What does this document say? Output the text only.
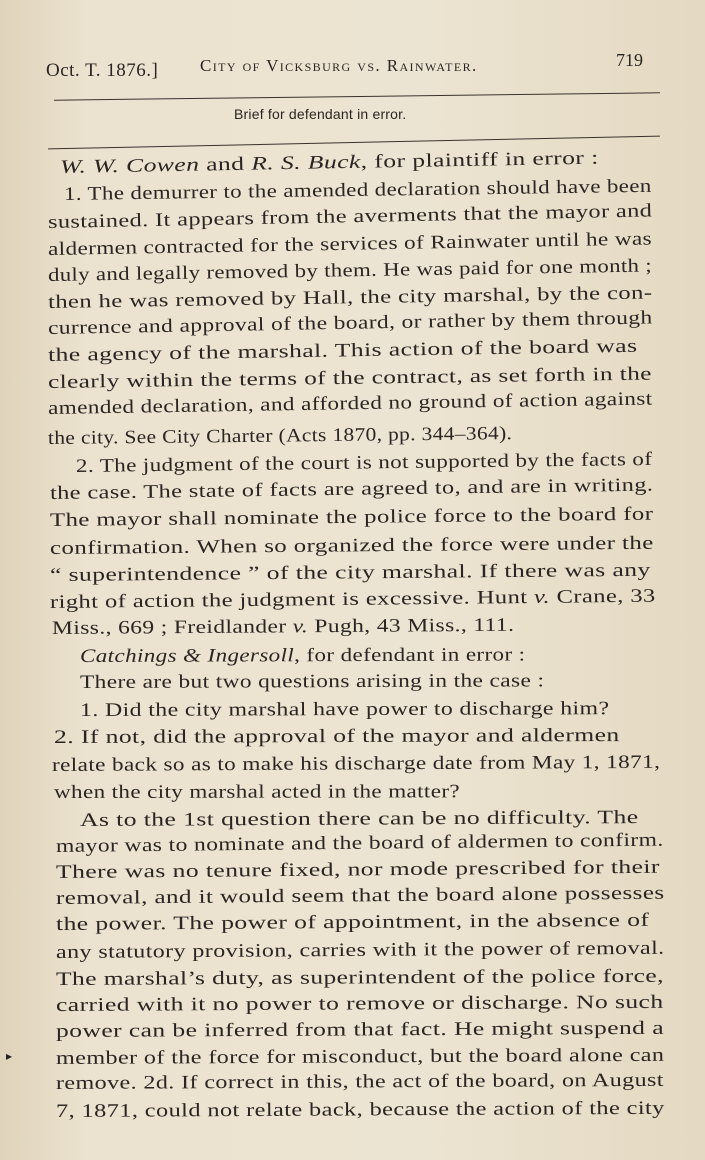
Oct. T. 1876.] City of Vicksburg vs. Rainwater.	719
Brief for defendant in error.
W. W. Cowen and R. S. Buck, for plaintiff in error :
1. The demurrer to the amended declaration should have been
sustained. It appears from the averments that the mayor and
aldermen contracted for the services of Rainwater until he was
duly and legally removed by them. He was paid for one month ;
then he was removed by Hall, the city marshal, by the con-
currence and approval of the board, or rather by them through
the agency of the marshal. This action of the board was
clearly within the terms of the contract, as set forth in the
amended declaration, and afforded no ground of action against
the city. See City Charter (Acts 1870, pp. 344–364).
2. The judgment of the court is not supported by the facts of
the case. The state of facts are agreed to, and are in writing.
The mayor shall nominate the police force to the board for
confirmation. When so organized the force were under the
“ superintendence ” of the city marshal. If there was any
right of action the judgment is excessive. Hunt v. Crane, 33
Miss., 669 ; Freidlander v. Pugh, 43 Miss., 111.
Catchings & Ingersoll, for defendant in error :
There are but two questions arising in the case :
1. Did the city marshal have power to discharge him?
2. If not, did the approval of the mayor and aldermen
relate back so as to make his discharge date from May 1, 1871,
when the city marshal acted in the matter?
As to the 1st question there can be no difficulty. The
mayor was to nominate and the board of aldermen to confirm.
There was no tenure fixed, nor mode prescribed for their
removal, and it would seem that the board alone possesses
the power. The power of appointment, in the absence of
any statutory provision, carries with it the power of removal.
The marshal’s duty, as superintendent of the police force,
carried with it no power to remove or discharge. No such
power can be inferred from that fact. He might suspend a
member of the force for misconduct, but the board alone can
remove. 2d. If correct in this, the act of the board, on August
7, 1871, could not relate back, because the action of the city
▸
